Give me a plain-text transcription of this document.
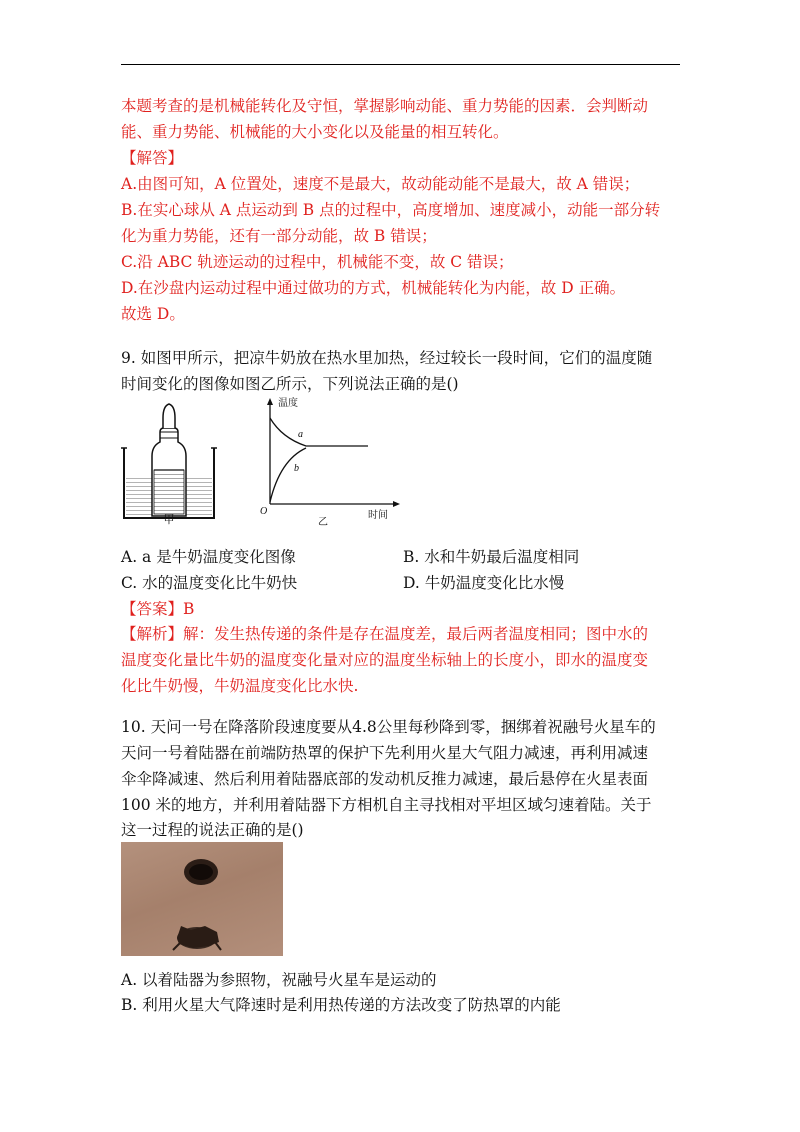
本题考查的是机械能转化及守恒，掌握影响动能、重力势能的因素．会判断动
能、重力势能、机械能的大小变化以及能量的相互转化。
【解答】
A.由图可知，A 位置处，速度不是最大，故动能动能不是最大，故 A 错误；
B.在实心球从 A 点运动到 B 点的过程中，高度增加、速度减小，动能一部分转
化为重力势能，还有一部分动能，故 B 错误；
C.沿 ABC 轨迹运动的过程中，机械能不变，故 C 错误；
D.在沙盘内运动过程中通过做功的方式，机械能转化为内能，故 D 正确。
故选 D。
9. 如图甲所示，把凉牛奶放在热水里加热，经过较长一段时间，它们的温度随
时间变化的图像如图乙所示，下列说法正确的是()
甲
温度
a
b
O	时间
乙
A. a 是牛奶温度变化图像	B. 水和牛奶最后温度相同
C. 水的温度变化比牛奶快	D. 牛奶温度变化比水慢
【答案】B
【解析】解：发生热传递的条件是存在温度差，最后两者温度相同；图中水的
温度变化量比牛奶的温度变化量对应的温度坐标轴上的长度小，即水的温度变
化比牛奶慢，牛奶温度变化比水快.
10. 天问一号在降落阶段速度要从4.8公里每秒降到零，捆绑着祝融号火星车的
天问一号着陆器在前端防热罩的保护下先利用火星大气阻力减速，再利用减速
伞伞降减速、然后利用着陆器底部的发动机反推力减速，最后悬停在火星表面
100 米的地方，并利用着陆器下方相机自主寻找相对平坦区域匀速着陆。关于
这一过程的说法正确的是()
A. 以着陆器为参照物，祝融号火星车是运动的
B. 利用火星大气降速时是利用热传递的方法改变了防热罩的内能
